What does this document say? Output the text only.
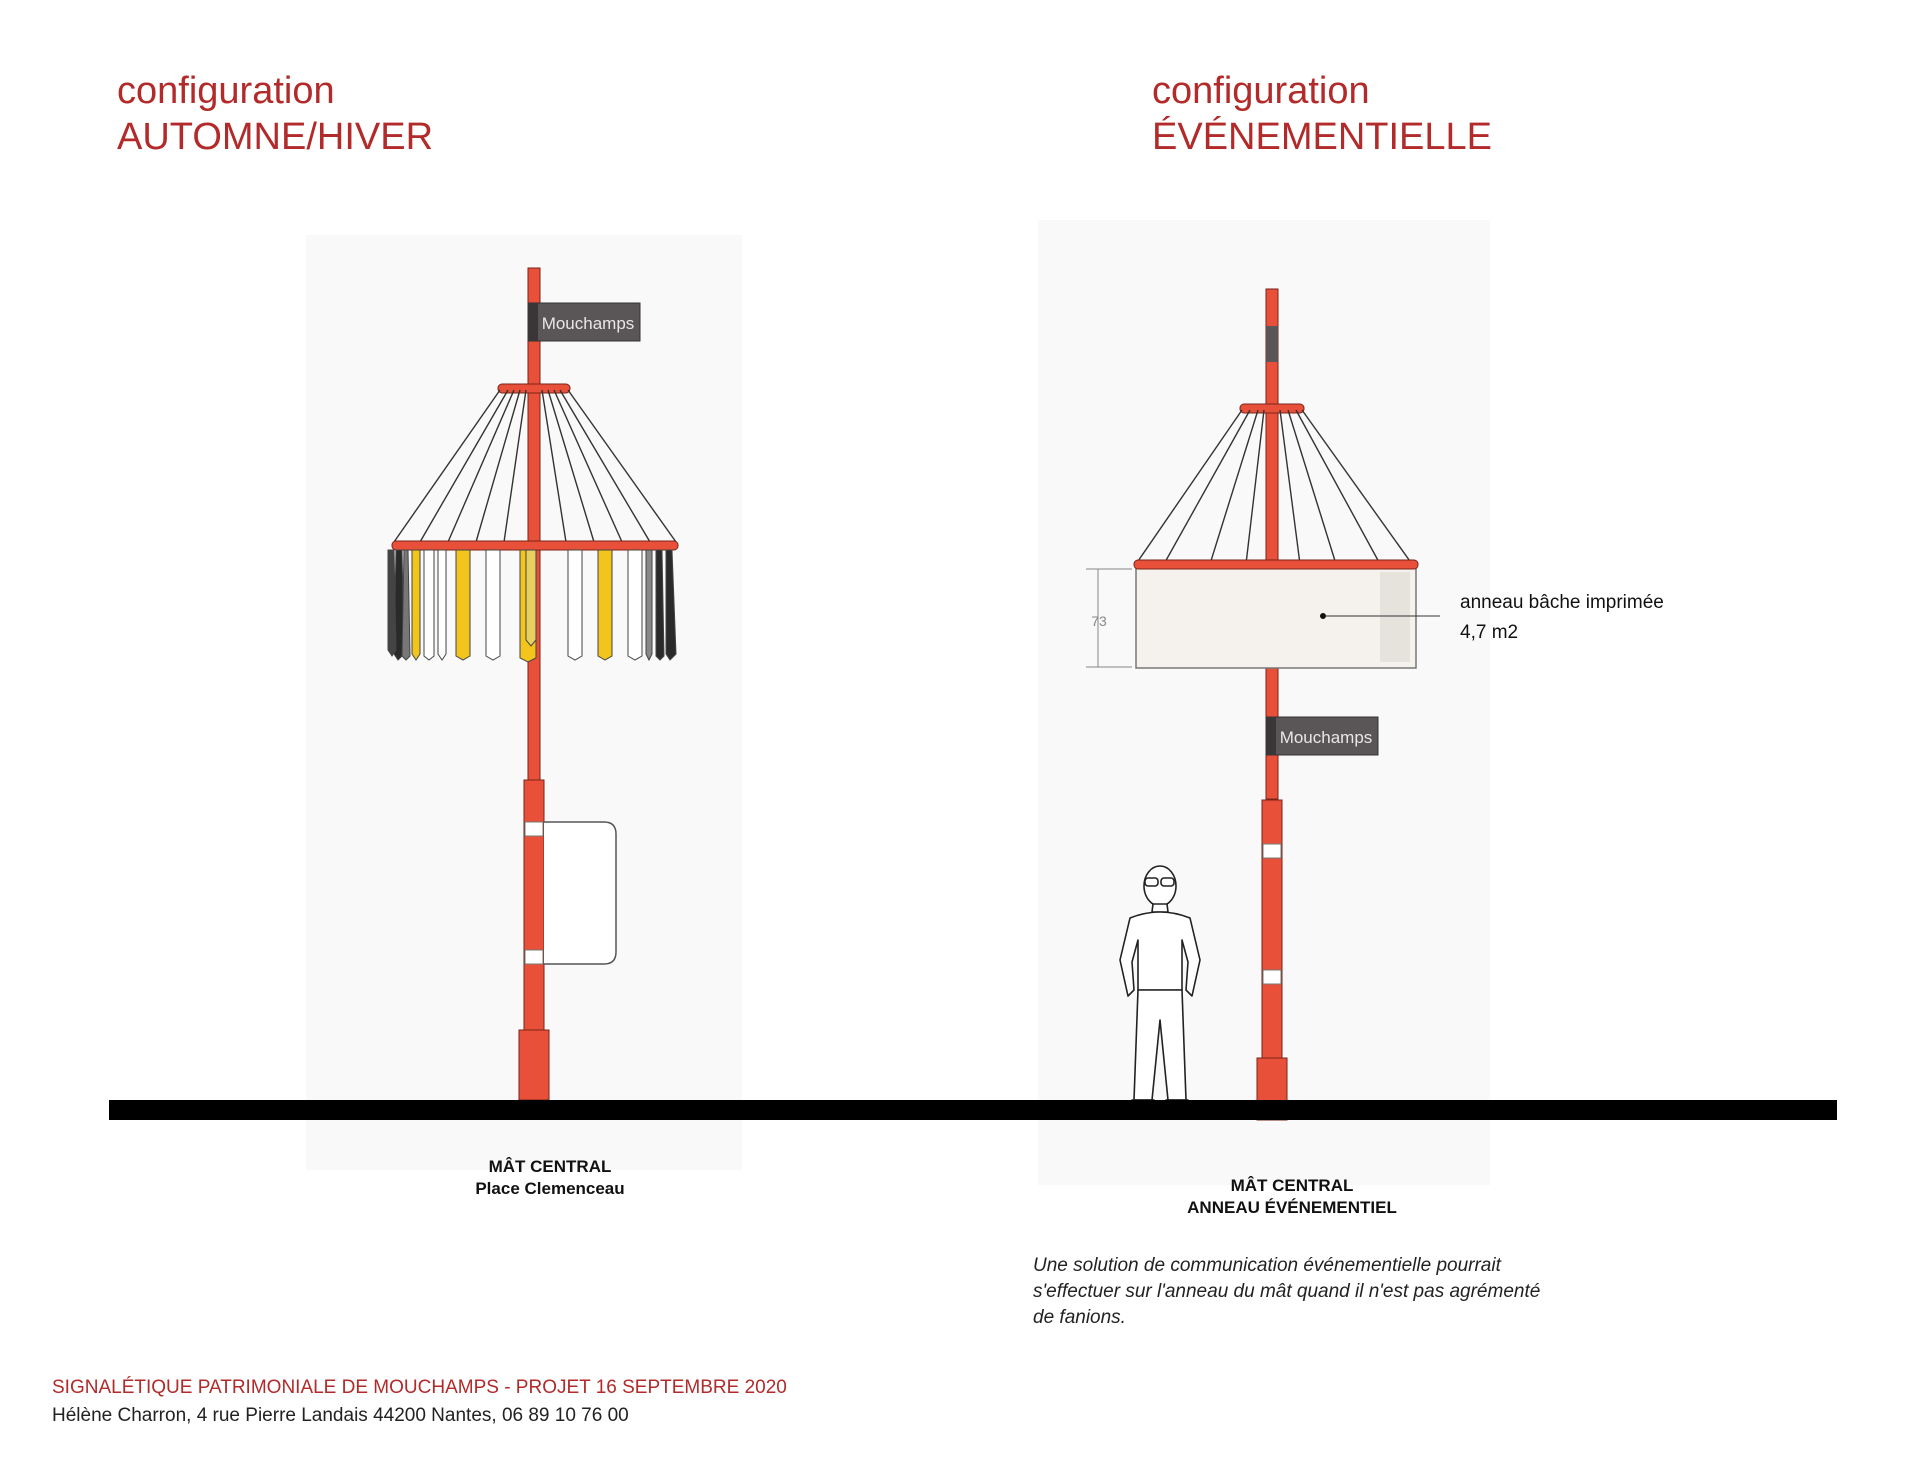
configuration
AUTOMNE/HIVER
configuration
ÉVÉNEMENTIELLE
Mouchamps
73
anneau bâche imprimée
4,7 m2
Mouchamps
MÂT CENTRAL
Place Clemenceau	MÂT CENTRAL
ANNEAU ÉVÉNEMENTIEL
Une solution de communication événementielle pourrait s'effectuer sur l'anneau du mât quand il n'est pas agrémenté de fanions.
SIGNALÉTIQUE PATRIMONIALE DE MOUCHAMPS - PROJET 16 SEPTEMBRE 2020
Hélène Charron, 4 rue Pierre Landais 44200 Nantes, 06 89 10 76 00
